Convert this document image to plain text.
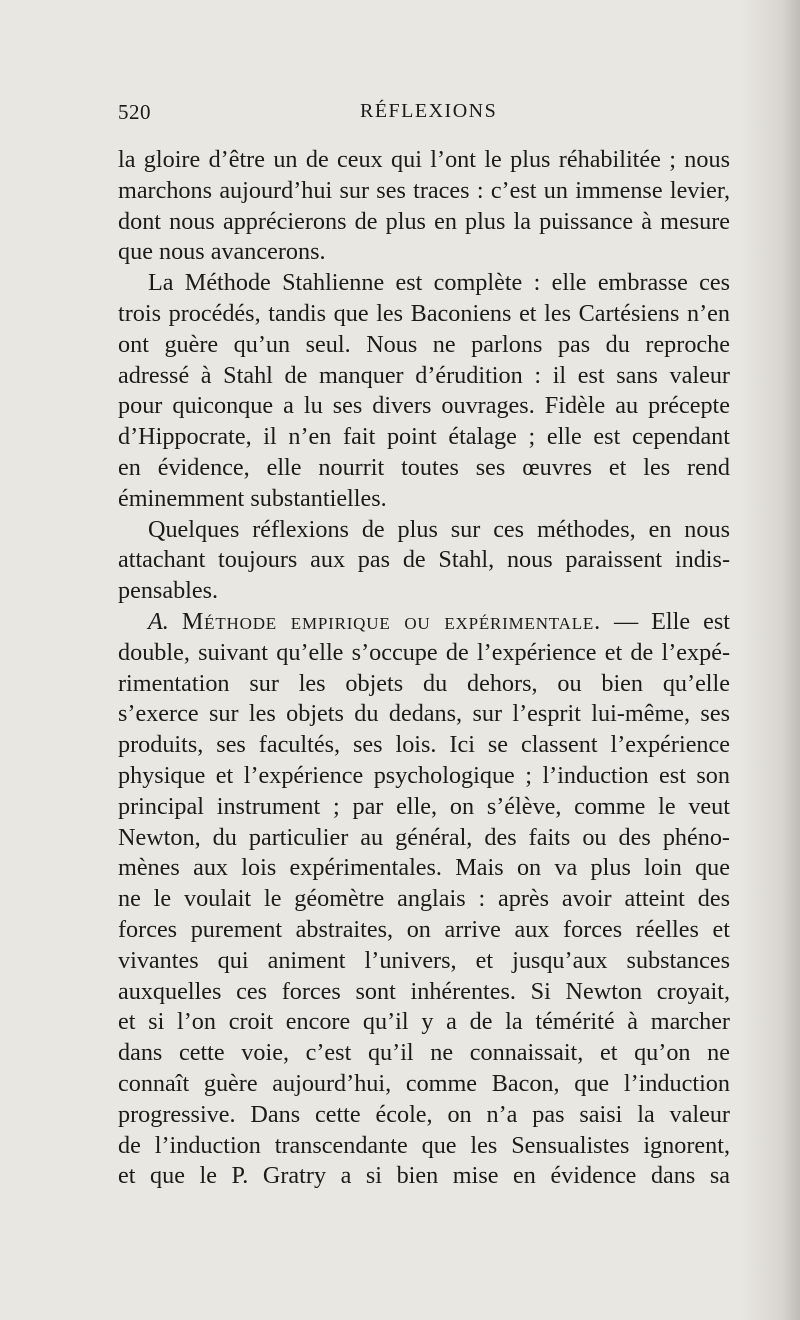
520	RÉFLEXIONS
la gloire d’être un de ceux qui l’ont le plus réhabilitée ; nous
marchons aujourd’hui sur ses traces : c’est un immense levier,
dont nous apprécierons de plus en plus la puissance à mesure
que nous avancerons.
La Méthode Stahlienne est complète : elle embrasse ces
trois procédés, tandis que les Baconiens et les Cartésiens n’en
ont guère qu’un seul. Nous ne parlons pas du reproche
adressé à Stahl de manquer d’érudition : il est sans valeur
pour quiconque a lu ses divers ouvrages. Fidèle au précepte
d’Hippocrate, il n’en fait point étalage ; elle est cependant
en évidence, elle nourrit toutes ses œuvres et les rend
éminemment substantielles.
Quelques réflexions de plus sur ces méthodes, en nous
attachant toujours aux pas de Stahl, nous paraissent indis-
pensables.
A. Méthode empirique ou expérimentale. — Elle est
double, suivant qu’elle s’occupe de l’expérience et de l’expé-
rimentation sur les objets du dehors, ou bien qu’elle
s’exerce sur les objets du dedans, sur l’esprit lui-même, ses
produits, ses facultés, ses lois. Ici se classent l’expérience
physique et l’expérience psychologique ; l’induction est son
principal instrument ; par elle, on s’élève, comme le veut
Newton, du particulier au général, des faits ou des phéno-
mènes aux lois expérimentales. Mais on va plus loin que
ne le voulait le géomètre anglais : après avoir atteint des
forces purement abstraites, on arrive aux forces réelles et
vivantes qui animent l’univers, et jusqu’aux substances
auxquelles ces forces sont inhérentes. Si Newton croyait,
et si l’on croit encore qu’il y a de la témérité à marcher
dans cette voie, c’est qu’il ne connaissait, et qu’on ne
connaît guère aujourd’hui, comme Bacon, que l’induction
progressive. Dans cette école, on n’a pas saisi la valeur
de l’induction transcendante que les Sensualistes ignorent,
et que le P. Gratry a si bien mise en évidence dans sa
